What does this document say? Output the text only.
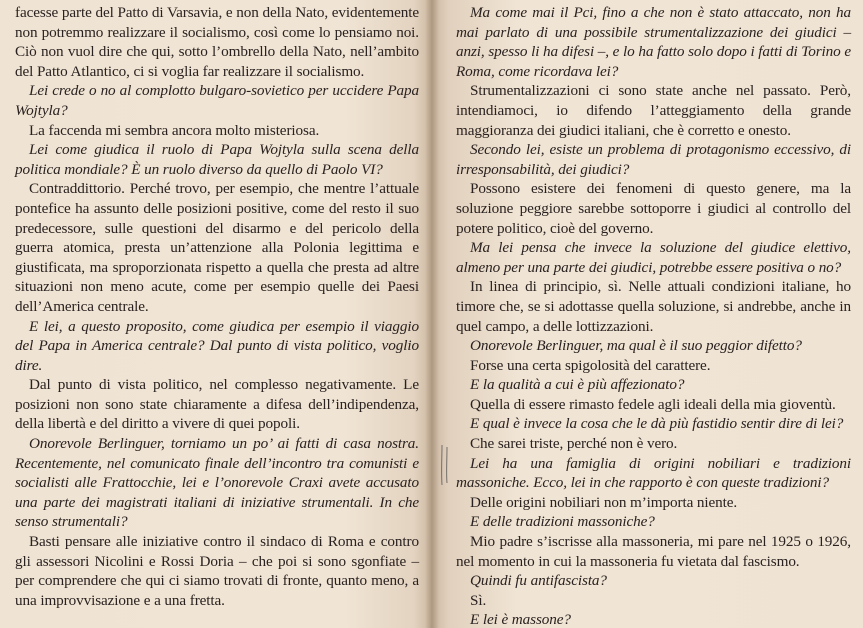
facesse parte del Patto di Varsavia, e non della Nato, evidentemente non potremmo realizzare il socialismo, così come lo pensiamo noi. Ciò non vuol dire che qui, sotto l’ombrello della Nato, nell’ambito del Patto Atlantico, ci si voglia far realizzare il socialismo.

Lei crede o no al complotto bulgaro-sovietico per uccidere Papa Wojtyla?

La faccenda mi sembra ancora molto misteriosa.

Lei come giudica il ruolo di Papa Wojtyla sulla scena della politica mondiale? È un ruolo diverso da quello di Paolo VI?

Contraddittorio. Perché trovo, per esempio, che mentre l’attuale pontefice ha assunto delle posizioni positive, come del resto il suo predecessore, sulle questioni del disarmo e del pericolo della guerra atomica, presta un’attenzione alla Polonia legittima e giustificata, ma sproporzionata rispetto a quella che presta ad altre situazioni non meno acute, come per esempio quelle dei Paesi dell’America centrale.

E lei, a questo proposito, come giudica per esempio il viaggio del Papa in America centrale? Dal punto di vista politico, voglio dire.

Dal punto di vista politico, nel complesso negativamente. Le posizioni non sono state chiaramente a difesa dell’indipendenza, della libertà e del diritto a vivere di quei popoli.

Onorevole Berlinguer, torniamo un po’ ai fatti di casa nostra. Recentemente, nel comunicato finale dell’incontro tra comunisti e socialisti alle Frattocchie, lei e l’onorevole Craxi avete accusato una parte dei magistrati italiani di iniziative strumentali. In che senso strumentali?

Basti pensare alle iniziative contro il sindaco di Roma e contro gli assessori Nicolini e Rossi Doria – che poi si sono sgonfiate – per comprendere che qui ci siamo trovati di fronte, quanto meno, a una improvvisazione e a una fretta.

Ma come mai il Pci, fino a che non è stato attaccato, non ha mai parlato di una possibile strumentalizzazione dei giudici – anzi, spesso li ha difesi –, e lo ha fatto solo dopo i fatti di Torino e Roma, come ricordava lei?

Strumentalizzazioni ci sono state anche nel passato. Però, intendiamoci, io difendo l’atteggiamento della grande maggioranza dei giudici italiani, che è corretto e onesto.

Secondo lei, esiste un problema di protagonismo eccessivo, di irresponsabilità, dei giudici?

Possono esistere dei fenomeni di questo genere, ma la soluzione peggiore sarebbe sottoporre i giudici al controllo del potere politico, cioè del governo.

Ma lei pensa che invece la soluzione del giudice elettivo, almeno per una parte dei giudici, potrebbe essere positiva o no?

In linea di principio, sì. Nelle attuali condizioni italiane, ho timore che, se si adottasse quella soluzione, si andrebbe, anche in quel campo, a delle lottizzazioni.

Onorevole Berlinguer, ma qual è il suo peggior difetto?

Forse una certa spigolosità del carattere.

E la qualità a cui è più affezionato?

Quella di essere rimasto fedele agli ideali della mia gioventù.

E qual è invece la cosa che le dà più fastidio sentir dire di lei?

Che sarei triste, perché non è vero.

Lei ha una famiglia di origini nobiliari e tradizioni massoniche. Ecco, lei in che rapporto è con queste tradizioni?

Delle origini nobiliari non m’importa niente.

E delle tradizioni massoniche?

Mio padre s’iscrisse alla massoneria, mi pare nel 1925 o 1926, nel momento in cui la massoneria fu vietata dal fascismo.

Quindi fu antifascista?

Sì.

E lei è massone?
